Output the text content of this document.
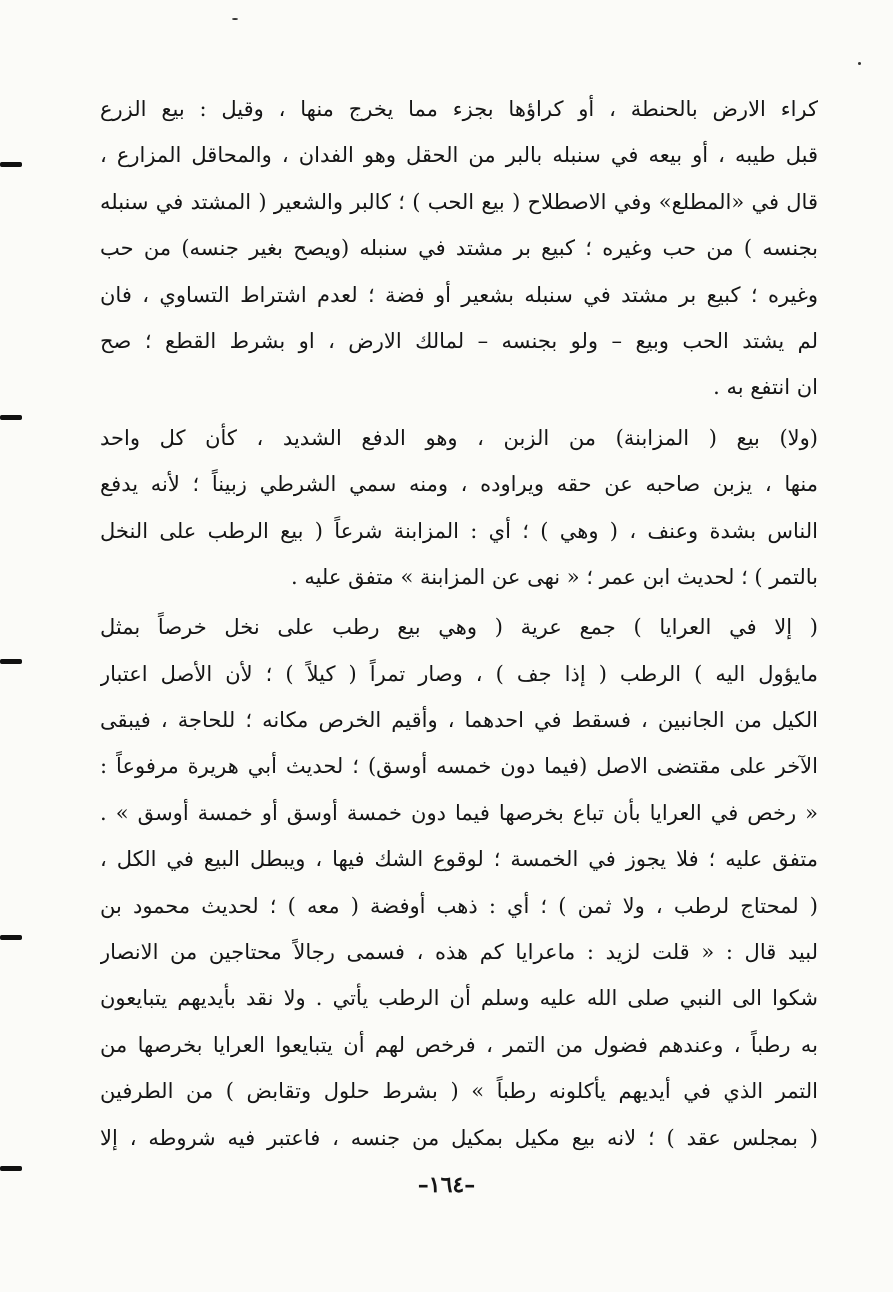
كراء الارض بالحنطة ، أو كراؤها بجزء مما يخرج منها ، وقيل : بيع الزرع
قبل طيبه ، أو بيعه في سنبله بالبر من الحقل وهو الفدان ، والمحاقل المزارع ،
قال في «المطلع» وفي الاصطلاح ( بيع الحب ) ؛ كالبر والشعير ( المشتد في سنبله
بجنسه ) من حب وغيره ؛ كبيع بر مشتد في سنبله (ويصح بغير جنسه) من حب
وغيره ؛ كبيع بر مشتد في سنبله بشعير أو فضة ؛ لعدم اشتراط التساوي ، فان
لم يشتد الحب وبيع – ولو بجنسه – لمالك الارض ، او بشرط القطع ؛ صح
ان انتفع به .
(ولا) بيع ( المزابنة) من الزبن ، وهو الدفع الشديد ، كأن كل واحد
منها ، يزبن صاحبه عن حقه ويراوده ، ومنه سمي الشرطي زبيناً ؛ لأنه يدفع
الناس بشدة وعنف ، ( وهي ) ؛ أي : المزابنة شرعاً ( بيع الرطب على النخل
بالتمر ) ؛ لحديث ابن عمر ؛ « نهى عن المزابنة » متفق عليه .
( إلا في العرايا ) جمع عرية ( وهي بيع رطب على نخل خرصاً بمثل
مايؤول اليه ) الرطب ( إذا جف ) ، وصار تمراً ( كيلاً ) ؛ لأن الأصل اعتبار
الكيل من الجانبين ، فسقط في احدهما ، وأقيم الخرص مكانه ؛ للحاجة ، فيبقى
الآخر على مقتضى الاصل (فيما دون خمسه أوسق) ؛ لحديث أبي هريرة مرفوعاً :
« رخص في العرايا بأن تباع بخرصها فيما دون خمسة أوسق أو خمسة أوسق » .
متفق عليه ؛ فلا يجوز في الخمسة ؛ لوقوع الشك فيها ، ويبطل البيع في الكل ،
( لمحتاج لرطب ، ولا ثمن ) ؛ أي : ذهب أوفضة ( معه ) ؛ لحديث محمود بن
لبيد قال : « قلت لزيد : ماعرايا كم هذه ، فسمى رجالاً محتاجين من الانصار
شكوا الى النبي صلى الله عليه وسلم أن الرطب يأتي . ولا نقد بأيديهم يتبايعون
به رطباً ، وعندهم فضول من التمر ، فرخص لهم أن يتبايعوا العرايا بخرصها من
التمر الذي في أيديهم يأكلونه رطباً » ( بشرط حلول وتقابض ) من الطرفين
( بمجلس عقد ) ؛ لانه بيع مكيل بمكيل من جنسه ، فاعتبر فيه شروطه ، إلا
–١٦٤–
